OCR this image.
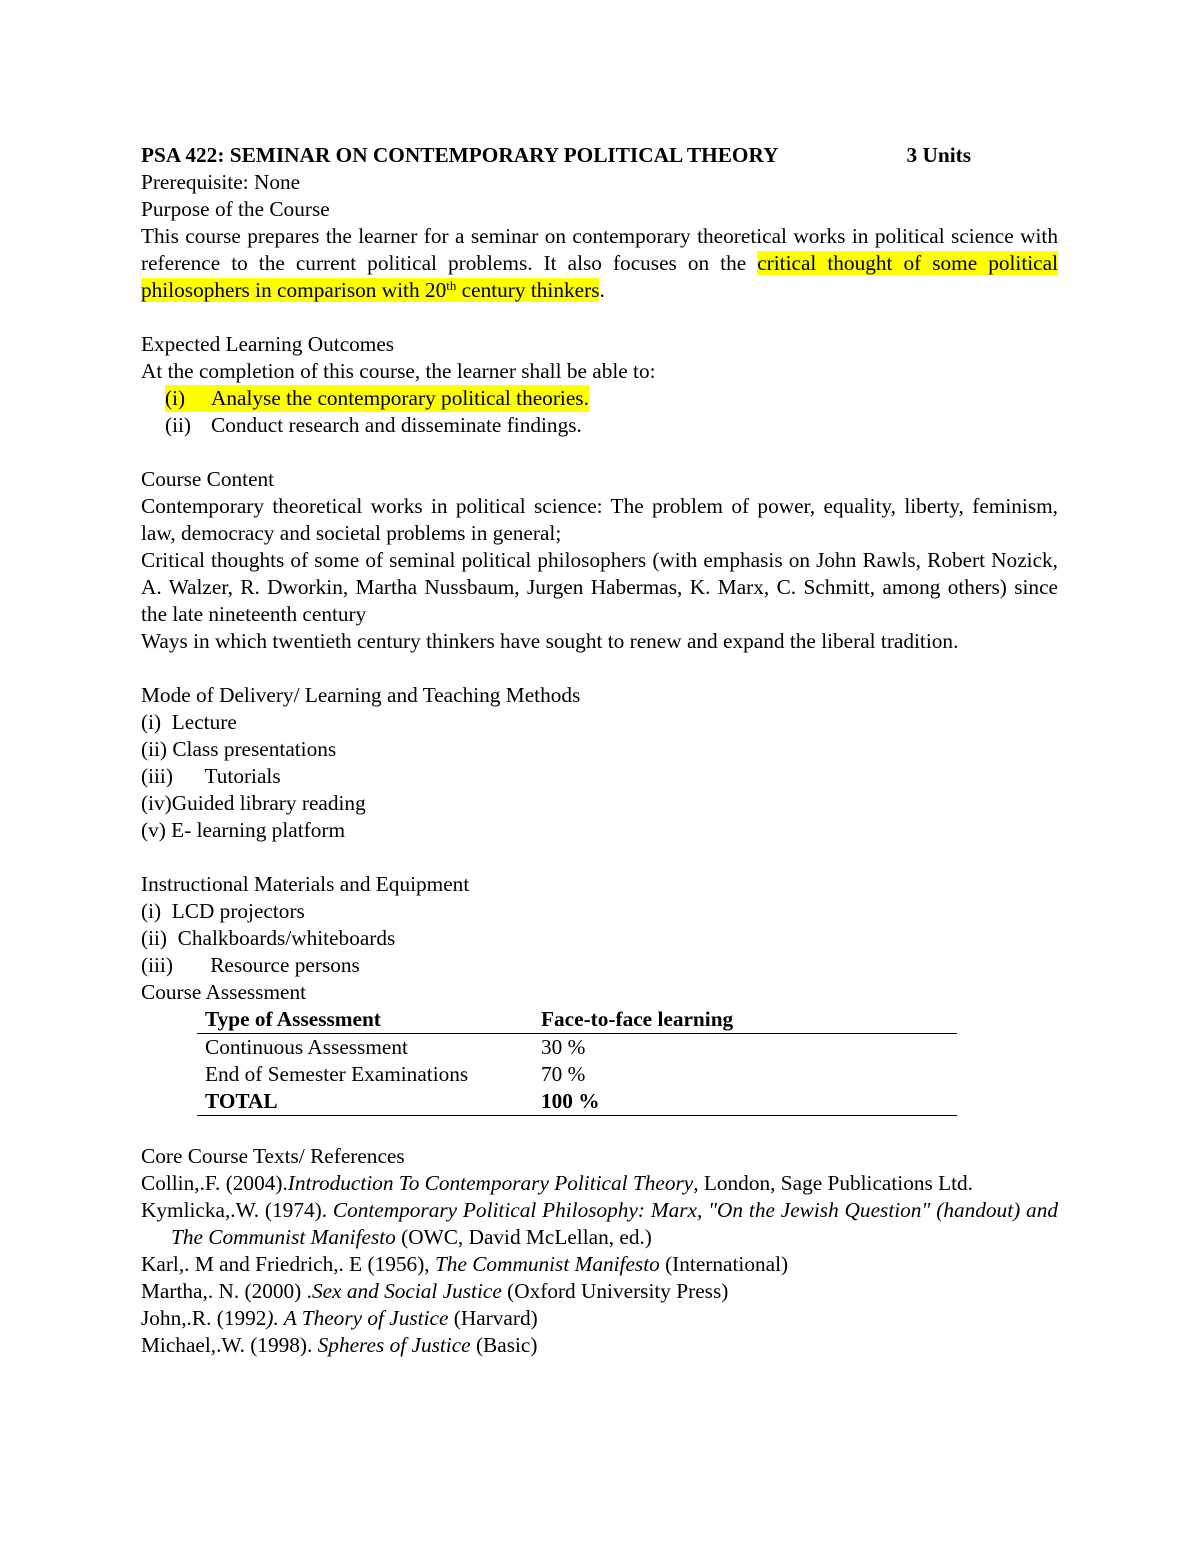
PSA 422: SEMINAR ON CONTEMPORARY POLITICAL THEORY	3 Units

Prerequisite: None

Purpose of the Course

This course prepares the learner for a seminar on contemporary theoretical works in political science with reference to the current political problems. It also focuses on the critical thought of some political philosophers in comparison with 20th century thinkers.

Expected Learning Outcomes

At the completion of this course, the learner shall be able to:

(i) Analyse the contemporary political theories.
(ii) Conduct research and disseminate findings.

Course Content

Contemporary theoretical works in political science: The problem of power, equality, liberty, feminism, law, democracy and societal problems in general;

Critical thoughts of some of seminal political philosophers (with emphasis on John Rawls, Robert Nozick, A. Walzer, R. Dworkin, Martha Nussbaum, Jurgen Habermas, K. Marx, C. Schmitt, among others) since the late nineteenth century

Ways in which twentieth century thinkers have sought to renew and expand the liberal tradition.

Mode of Delivery/ Learning and Teaching Methods

(i)  Lecture

(ii) Class presentations

(iii)      Tutorials

(iv)Guided library reading

(v) E- learning platform

Instructional Materials and Equipment

(i)  LCD projectors

(ii)  Chalkboards/whiteboards

(iii)       Resource persons

Course Assessment

Type of Assessment	Face-to-face learning
Continuous Assessment	30 %
End of Semester Examinations	70 %
TOTAL	100 %

Core Course Texts/ References

Collin,.F. (2004).Introduction To Contemporary Political Theory, London, Sage Publications Ltd.

Kymlicka,.W. (1974). Contemporary Political Philosophy: Marx, "On the Jewish Question" (handout) and The Communist Manifesto (OWC, David McLellan, ed.)

Karl,. M and Friedrich,. E (1956), The Communist Manifesto (International)

Martha,. N. (2000) .Sex and Social Justice (Oxford University Press)

John,.R. (1992). A Theory of Justice (Harvard)

Michael,.W. (1998). Spheres of Justice (Basic)
